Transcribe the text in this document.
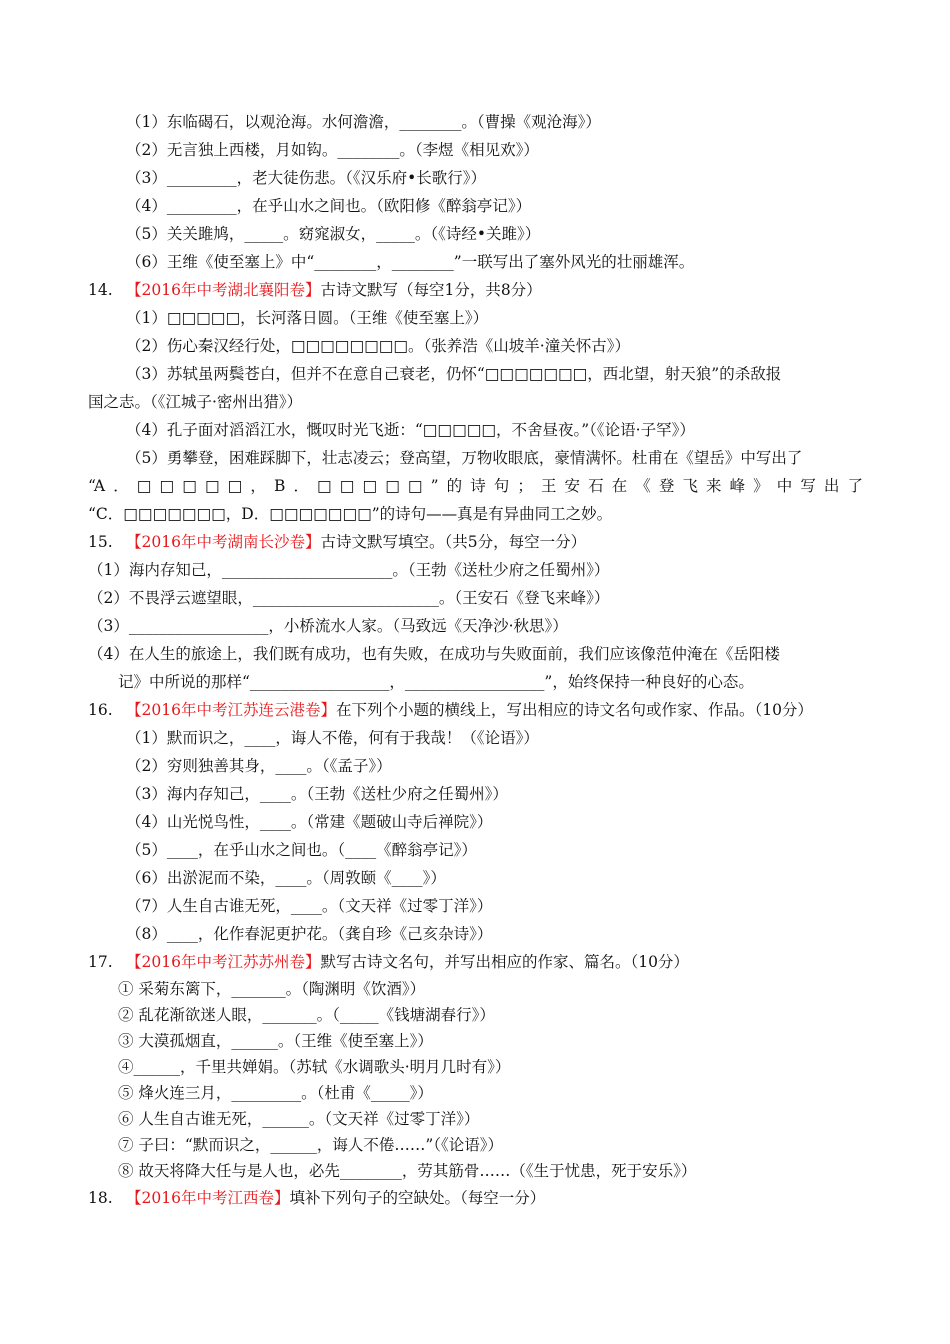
（1）东临碣石，以观沧海。水何澹澹，________。（曹操《观沧海》）
（2）无言独上西楼，月如钩。________。（李煜《相见欢》）
（3）_________，老大徒伤悲。（《汉乐府•长歌行》）
（4）_________，在乎山水之间也。（欧阳修《醉翁亭记》）
（5）关关雎鸠，_____。窈窕淑女，_____。（《诗经•关雎》）
（6）王维《使至塞上》中“________，________”一联写出了塞外风光的壮丽雄浑。
14. 【2016年中考湖北襄阳卷】古诗文默写（每空1分，共8分）
（1）□□□□□，长河落日圆。（王维《使至塞上》）
（2）伤心秦汉经行处，□□□□□□□□。（张养浩《山坡羊·潼关怀古》）
（3）苏轼虽两鬓苍白，但并不在意自己衰老，仍怀“□□□□□□□，西北望，射天狼”的杀敌报
国之志。（《江城子·密州出猎》）
（4）孔子面对滔滔江水，慨叹时光飞逝：“□□□□□，不舍昼夜。”（《论语·子罕》）
（5）勇攀登，困难踩脚下，壮志凌云；登高望，万物收眼底，豪情满怀。杜甫在《望岳》中写出了
“A．□□□□□，B．□□□□□”的诗句；王安石在《登飞来峰》中写出了
“C．□□□□□□□，D．□□□□□□□”的诗句——真是有异曲同工之妙。
15. 【2016年中考湖南长沙卷】古诗文默写填空。（共5分，每空一分）
（1）海内存知己，______________________。（王勃《送杜少府之任蜀州》）
（2）不畏浮云遮望眼，________________________。（王安石《登飞来峰》）
（3）__________________，小桥流水人家。（马致远《天净沙·秋思》）
（4）在人生的旅途上，我们既有成功，也有失败，在成功与失败面前，我们应该像范仲淹在《岳阳楼
记》中所说的那样“__________________，__________________”，始终保持一种良好的心态。
16. 【2016年中考江苏连云港卷】在下列个小题的横线上，写出相应的诗文名句或作家、作品。（10分）
（1）默而识之，____，诲人不倦，何有于我哉！（《论语》）
（2）穷则独善其身，____。（《孟子》）
（3）海内存知己，____。（王勃《送杜少府之任蜀州》）
（4）山光悦鸟性，____。（常建《题破山寺后禅院》）
（5）____，在乎山水之间也。（____《醉翁亭记》）
（6）出淤泥而不染，____。（周敦颐《____》）
（7）人生自古谁无死，____。（文天祥《过零丁洋》）
（8）____，化作春泥更护花。（龚自珍《己亥杂诗》）
17. 【2016年中考江苏苏州卷】默写古诗文名句，并写出相应的作家、篇名。（10分）
① 采菊东篱下，_______。（陶渊明《饮酒》）
② 乱花渐欲迷人眼，_______。（_____《钱塘湖春行》）
③ 大漠孤烟直，______。（王维《使至塞上》）
④______，千里共婵娟。（苏轼《水调歌头·明月几时有》）
⑤ 烽火连三月，_________。（杜甫《_____》）
⑥ 人生自古谁无死，______。（文天祥《过零丁洋》）
⑦ 子曰：“默而识之，______，诲人不倦……”（《论语》）
⑧ 故天将降大任与是人也，必先________，劳其筋骨……（《生于忧患，死于安乐》）
18. 【2016年中考江西卷】填补下列句子的空缺处。（每空一分）
